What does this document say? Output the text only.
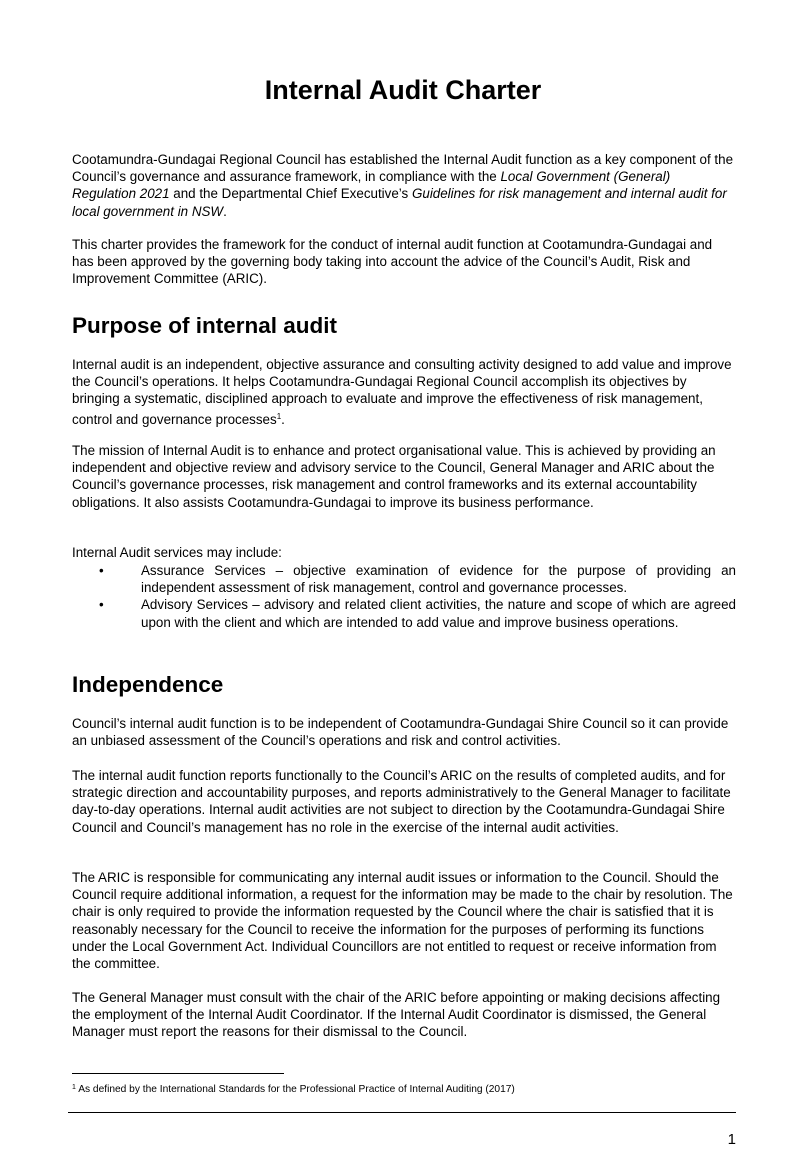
Internal Audit Charter

Cootamundra-Gundagai Regional Council has established the Internal Audit function as a key component of the Council’s governance and assurance framework, in compliance with the Local Government (General) Regulation 2021 and the Departmental Chief Executive’s Guidelines for risk management and internal audit for local government in NSW.

This charter provides the framework for the conduct of internal audit function at Cootamundra-Gundagai and has been approved by the governing body taking into account the advice of the Council’s Audit, Risk and Improvement Committee (ARIC).

Purpose of internal audit

Internal audit is an independent, objective assurance and consulting activity designed to add value and improve the Council’s operations. It helps Cootamundra-Gundagai Regional Council accomplish its objectives by bringing a systematic, disciplined approach to evaluate and improve the effectiveness of risk management, control and governance processes$^1$.

The mission of Internal Audit is to enhance and protect organisational value. This is achieved by providing an independent and objective review and advisory service to the Council, General Manager and ARIC about the Council’s governance processes, risk management and control frameworks and its external accountability obligations. It also assists Cootamundra-Gundagai to improve its business performance.

Internal Audit services may include:

•	Assurance Services – objective examination of evidence for the purpose of providing an independent assessment of risk management, control and governance processes.
•	Advisory Services – advisory and related client activities, the nature and scope of which are agreed upon with the client and which are intended to add value and improve business operations.
Independence

Council’s internal audit function is to be independent of Cootamundra-Gundagai Shire Council so it can provide an unbiased assessment of the Council’s operations and risk and control activities.

The internal audit function reports functionally to the Council’s ARIC on the results of completed audits, and for strategic direction and accountability purposes, and reports administratively to the General Manager to facilitate day-to-day operations. Internal audit activities are not subject to direction by the Cootamundra-Gundagai Shire Council and Council’s management has no role in the exercise of the internal audit activities.

The ARIC is responsible for communicating any internal audit issues or information to the Council. Should the Council require additional information, a request for the information may be made to the chair by resolution. The chair is only required to provide the information requested by the Council where the chair is satisfied that it is reasonably necessary for the Council to receive the information for the purposes of performing its functions under the Local Government Act. Individual Councillors are not entitled to request or receive information from the committee.

The General Manager must consult with the chair of the ARIC before appointing or making decisions affecting the employment of the Internal Audit Coordinator. If the Internal Audit Coordinator is dismissed, the General Manager must report the reasons for their dismissal to the Council.

$^1$ As defined by the International Standards for the Professional Practice of Internal Auditing (2017)
1
